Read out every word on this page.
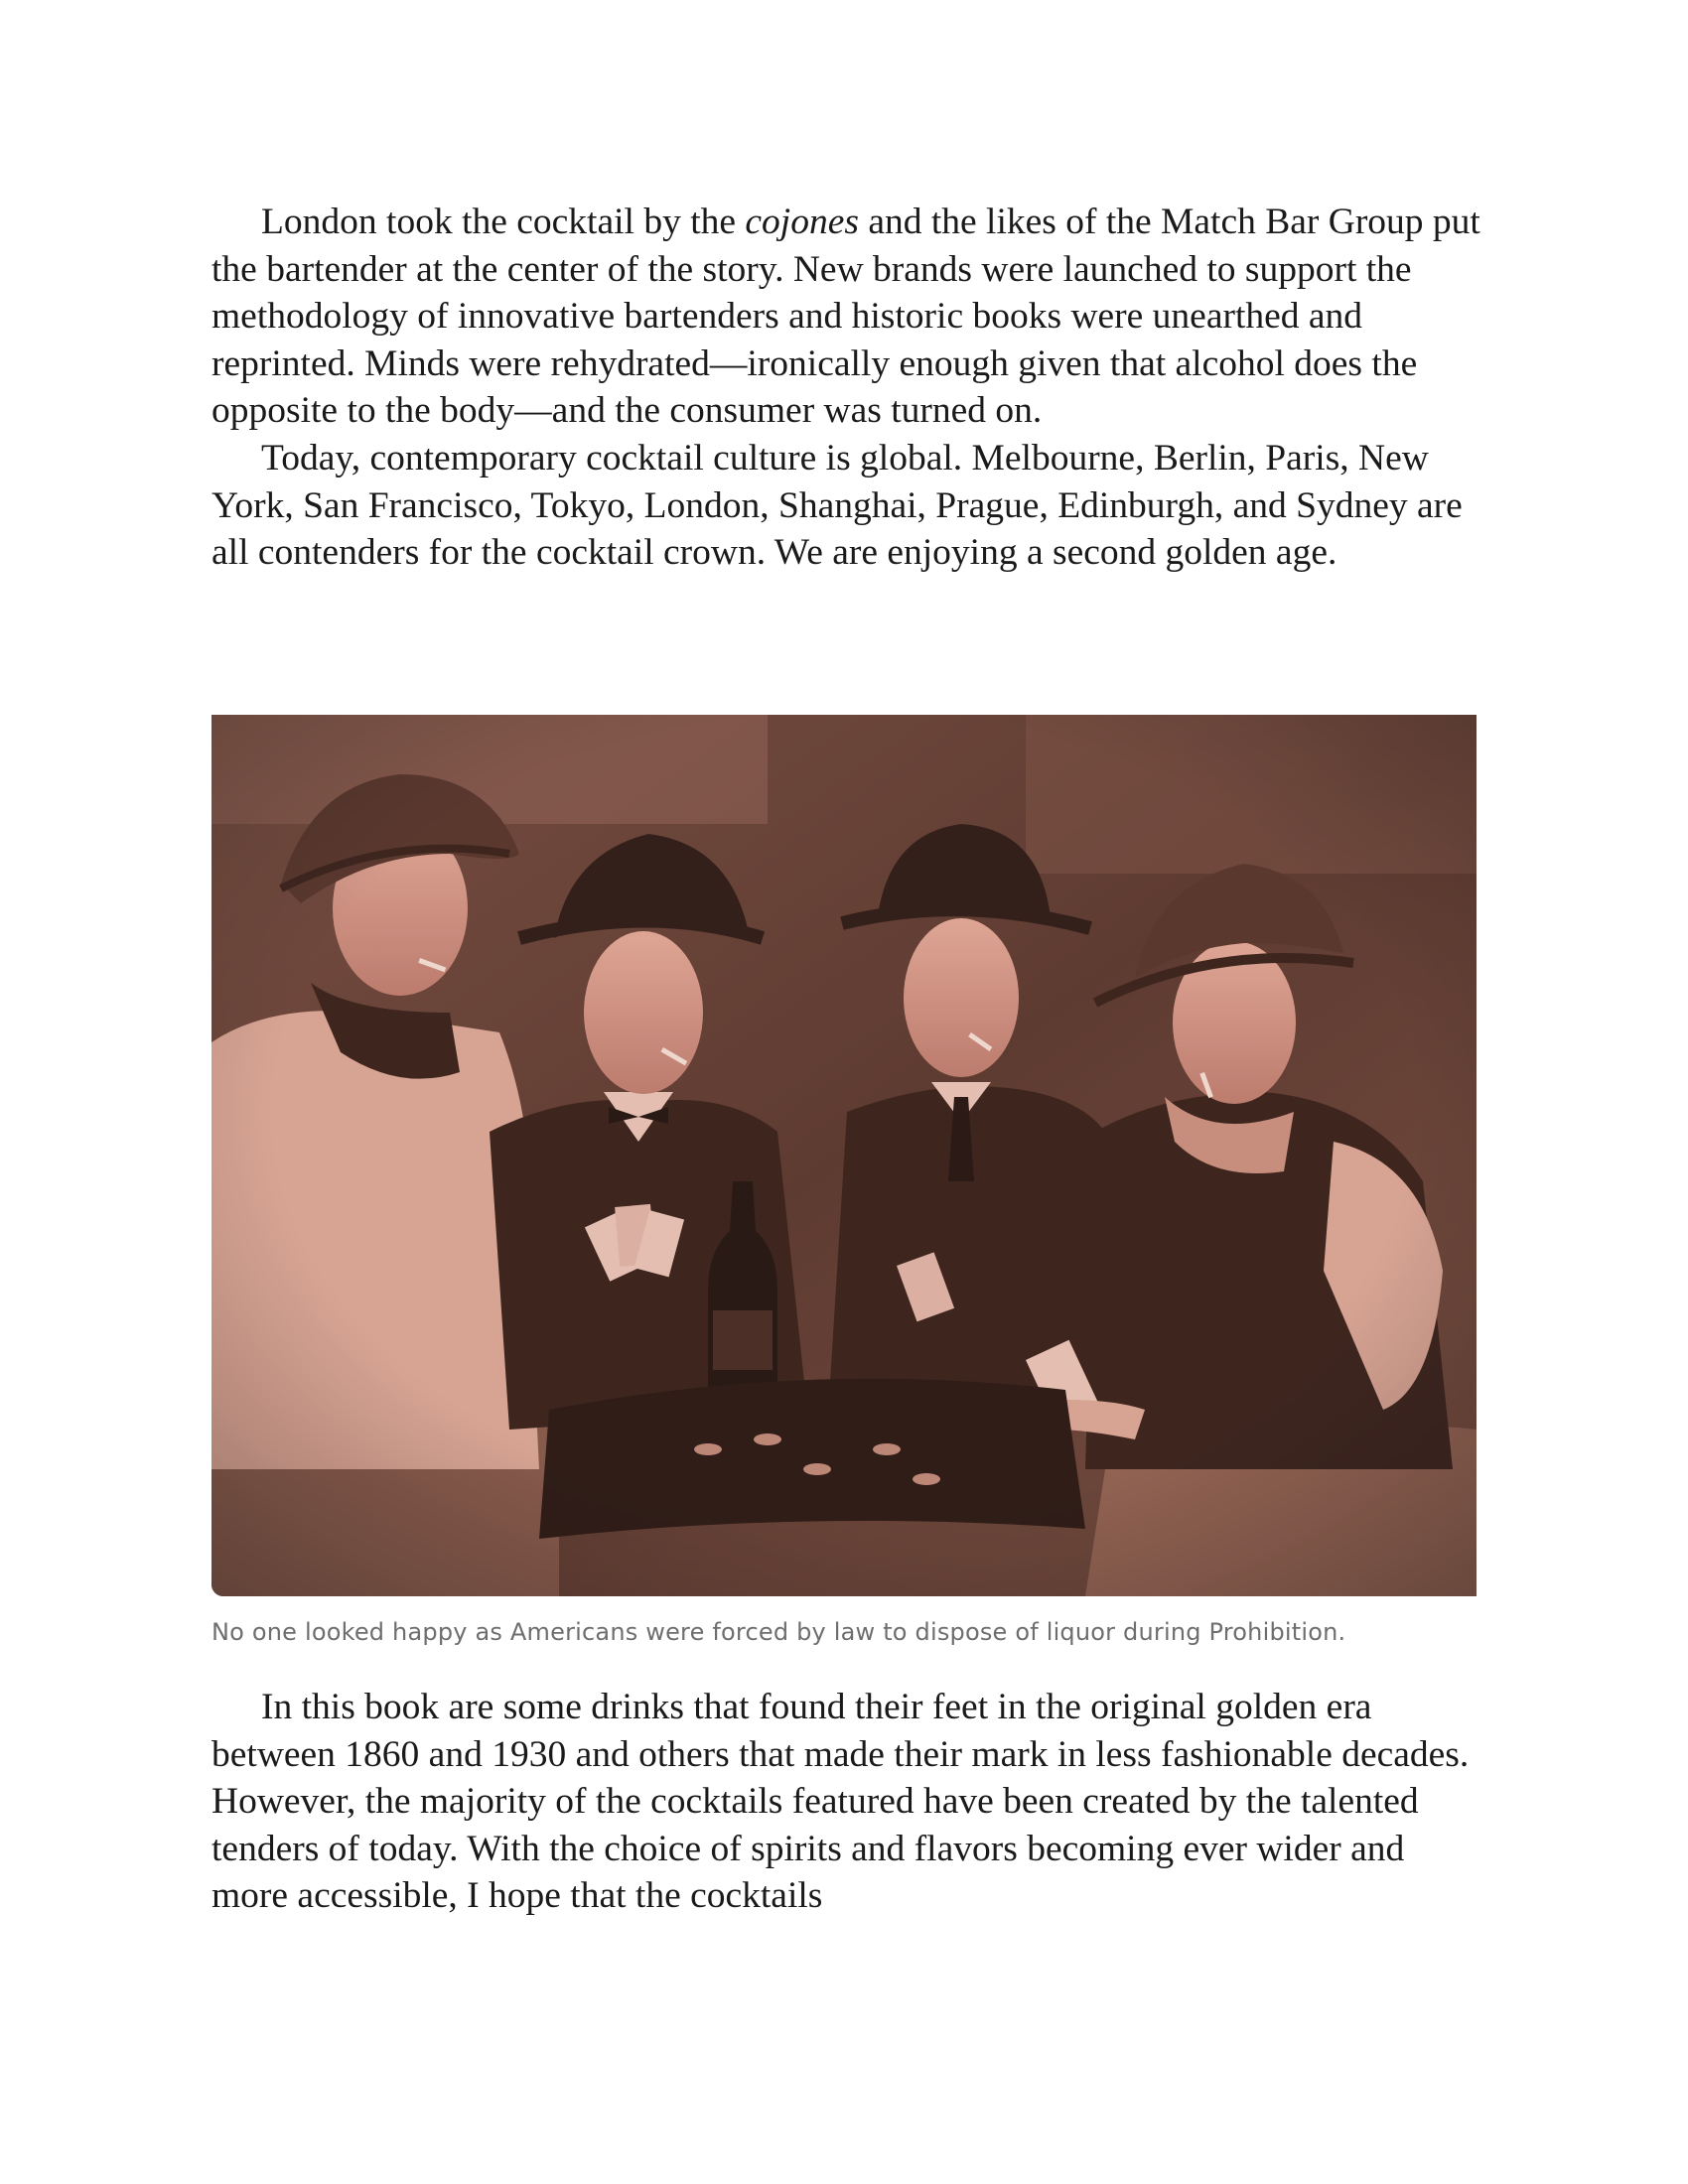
London took the cocktail by the cojones and the likes of the Match Bar Group put the bartender at the center of the story. New brands were launched to support the methodology of innovative bartenders and historic books were unearthed and reprinted. Minds were rehydrated—ironically enough given that alcohol does the opposite to the body—and the consumer was turned on.

Today, contemporary cocktail culture is global. Melbourne, Berlin, Paris, New York, San Francisco, Tokyo, London, Shanghai, Prague, Edinburgh, and Sydney are all contenders for the cocktail crown. We are enjoying a second golden age.

No one looked happy as Americans were forced by law to dispose of liquor during Prohibition.

In this book are some drinks that found their feet in the original golden era between 1860 and 1930 and others that made their mark in less fashionable decades. However, the majority of the cocktails featured have been created by the talented tenders of today. With the choice of spirits and flavors becoming ever wider and more accessible, I hope that the cocktails
